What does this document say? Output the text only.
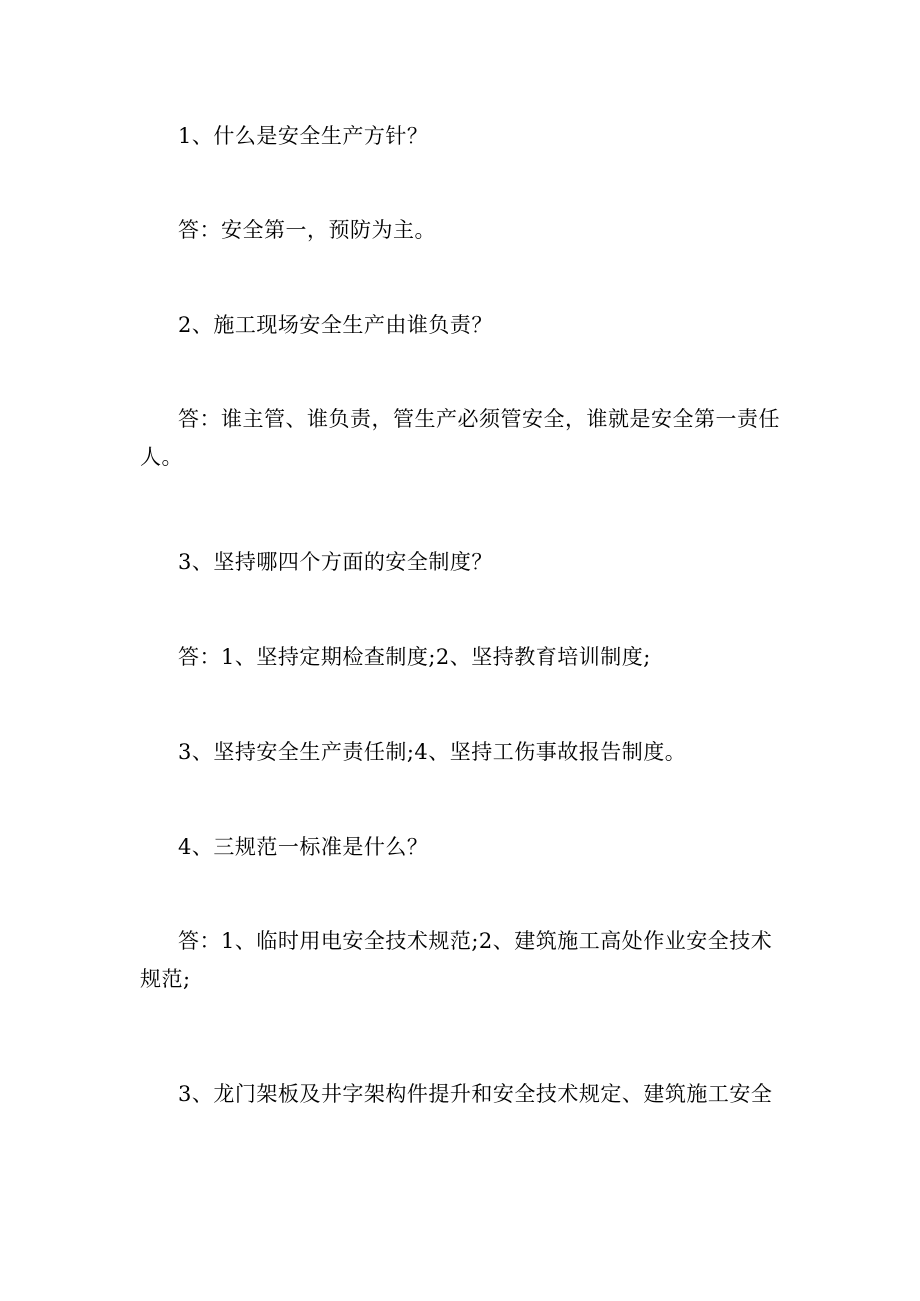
1、什么是安全生产方针？

答：安全第一，预防为主。

2、施工现场安全生产由谁负责？

答：谁主管、谁负责，管生产必须管安全，谁就是安全第一责任人。

3、坚持哪四个方面的安全制度？

答：1、坚持定期检查制度;2、坚持教育培训制度;

3、坚持安全生产责任制;4、坚持工伤事故报告制度。

4、三规范一标准是什么？

答：1、临时用电安全技术规范;2、建筑施工高处作业安全技术规范;

3、龙门架板及井字架构件提升和安全技术规定、建筑施工安全
